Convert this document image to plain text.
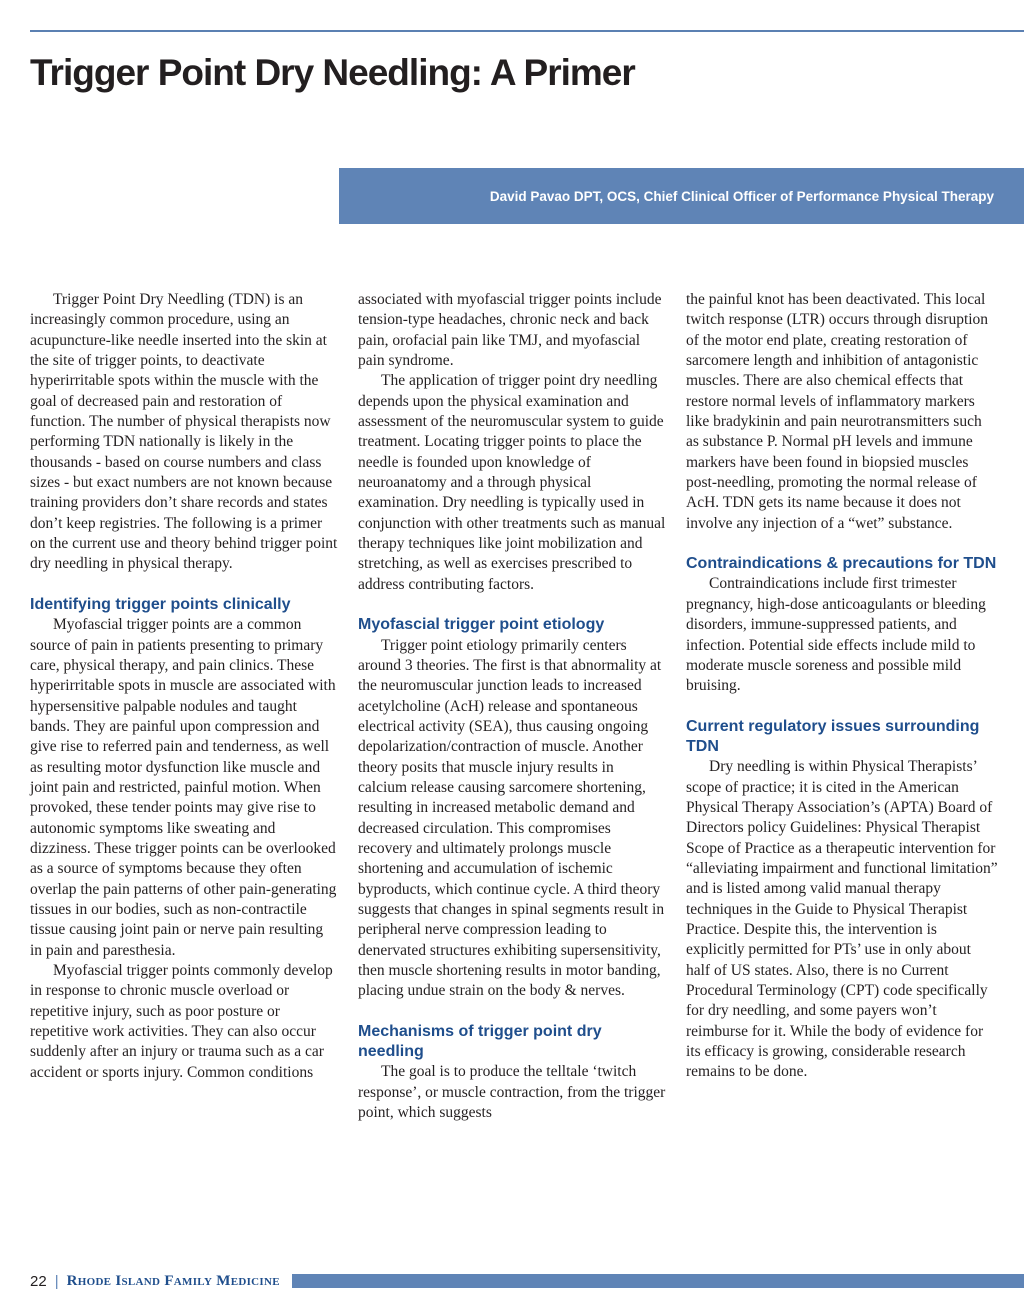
Trigger Point Dry Needling: A Primer
David Pavao DPT, OCS, Chief Clinical Officer of Performance Physical Therapy

Trigger Point Dry Needling (TDN) is an increasingly common procedure, using an acupuncture-like needle inserted into the skin at the site of trigger points, to deactivate hyperirritable spots within the muscle with the goal of decreased pain and restoration of function. The number of physical therapists now performing TDN nationally is likely in the thousands - based on course numbers and class sizes - but exact numbers are not known because training providers don’t share records and states don’t keep registries. The following is a primer on the current use and theory behind trigger point dry needling in physical therapy.

Identifying trigger points clinically

Myofascial trigger points are a common source of pain in patients presenting to primary care, physical therapy, and pain clinics. These hyperirritable spots in muscle are associated with hypersensitive palpable nodules and taught bands. They are painful upon compression and give rise to referred pain and tenderness, as well as resulting motor dysfunction like muscle and joint pain and restricted, painful motion. When provoked, these tender points may give rise to autonomic symptoms like sweating and dizziness. These trigger points can be overlooked as a source of symptoms because they often overlap the pain patterns of other pain-generating tissues in our bodies, such as non-contractile tissue causing joint pain or nerve pain resulting in pain and paresthesia.

Myofascial trigger points commonly develop in response to chronic muscle overload or repetitive injury, such as poor posture or repetitive work activities. They can also occur suddenly after an injury or trauma such as a car accident or sports injury. Common conditions

associated with myofascial trigger points include tension-type headaches, chronic neck and back pain, orofacial pain like TMJ, and myofascial pain syndrome.

The application of trigger point dry needling depends upon the physical examination and assessment of the neuromuscular system to guide treatment. Locating trigger points to place the needle is founded upon knowledge of neuroanatomy and a through physical examination. Dry needling is typically used in conjunction with other treatments such as manual therapy techniques like joint mobilization and stretching, as well as exercises prescribed to address contributing factors.

Myofascial trigger point etiology

Trigger point etiology primarily centers around 3 theories. The first is that abnormality at the neuromuscular junction leads to increased acetylcholine (AcH) release and spontaneous electrical activity (SEA), thus causing ongoing depolarization/contraction of muscle. Another theory posits that muscle injury results in calcium release causing sarcomere shortening, resulting in increased metabolic demand and decreased circulation. This compromises recovery and ultimately prolongs muscle shortening and accumulation of ischemic byproducts, which continue cycle. A third theory suggests that changes in spinal segments result in peripheral nerve compression leading to denervated structures exhibiting supersensitivity, then muscle shortening results in motor banding, placing undue strain on the body & nerves.

Mechanisms of trigger point dry needling

The goal is to produce the telltale ‘twitch response’, or muscle contraction, from the trigger point, which suggests

the painful knot has been deactivated. This local twitch response (LTR) occurs through disruption of the motor end plate, creating restoration of sarcomere length and inhibition of antagonistic muscles. There are also chemical effects that restore normal levels of inflammatory markers like bradykinin and pain neurotransmitters such as substance P. Normal pH levels and immune markers have been found in biopsied muscles post-needling, promoting the normal release of AcH. TDN gets its name because it does not involve any injection of a “wet” substance.

Contraindications & precautions for TDN

Contraindications include first trimester pregnancy, high-dose anticoagulants or bleeding disorders, immune-suppressed patients, and infection. Potential side effects include mild to moderate muscle soreness and possible mild bruising.

Current regulatory issues surrounding TDN

Dry needling is within Physical Therapists’ scope of practice; it is cited in the American Physical Therapy Association’s (APTA) Board of Directors policy Guidelines: Physical Therapist Scope of Practice as a therapeutic intervention for “alleviating impairment and functional limitation” and is listed among valid manual therapy techniques in the Guide to Physical Therapist Practice. Despite this, the intervention is explicitly permitted for PTs’ use in only about half of US states. Also, there is no Current Procedural Terminology (CPT) code specifically for dry needling, and some payers won’t reimburse for it. While the body of evidence for its efficacy is growing, considerable research remains to be done.

22 | Rhode Island Family Medicine
